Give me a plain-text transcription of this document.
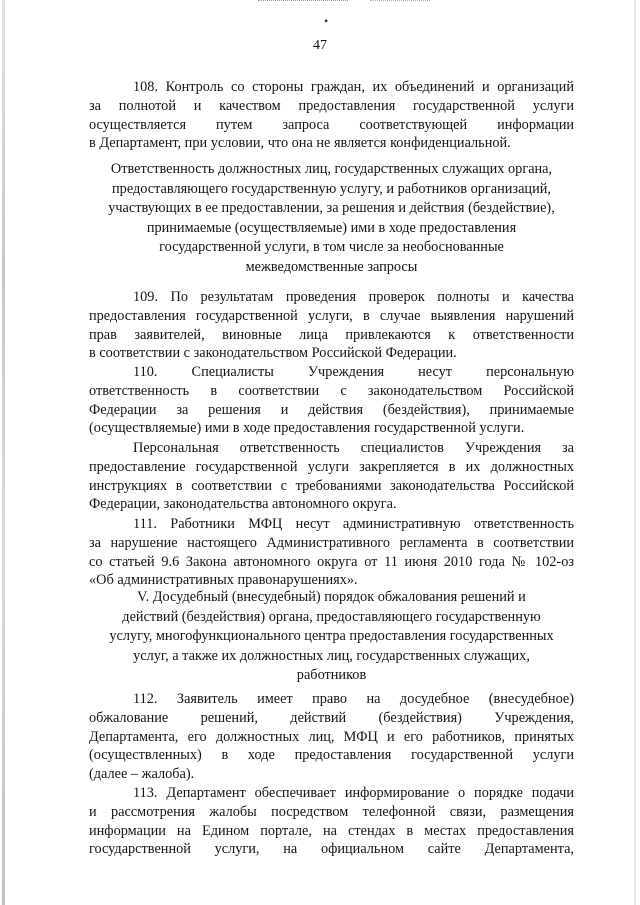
•
47
108. Контроль со стороны граждан, их объединений и организаций
за полнотой и качеством предоставления государственной услуги
осуществляется путем запроса соответствующей информации
в Департамент, при условии, что она не является конфиденциальной.
Ответственность должностных лиц, государственных служащих органа,
предоставляющего государственную услугу, и работников организаций,
участвующих в ее предоставлении, за решения и действия (бездействие),
принимаемые (осуществляемые) ими в ходе предоставления
государственной услуги, в том числе за необоснованные
межведомственные запросы
109. По результатам проведения проверок полноты и качества
предоставления государственной услуги, в случае выявления нарушений
прав заявителей, виновные лица привлекаются к ответственности
в соответствии с законодательством Российской Федерации.
110. Специалисты Учреждения несут персональную
ответственность в соответствии с законодательством Российской
Федерации за решения и действия (бездействия), принимаемые
(осуществляемые) ими в ходе предоставления государственной услуги.
Персональная ответственность специалистов Учреждения за
предоставление государственной услуги закрепляется в их должностных
инструкциях в соответствии с требованиями законодательства Российской
Федерации, законодательства автономного округа.
111. Работники МФЦ несут административную ответственность
за нарушение настоящего Административного регламента в соответствии
со статьей 9.6 Закона автономного округа от 11 июня 2010 года № 102-оз
«Об административных правонарушениях».
V. Досудебный (внесудебный) порядок обжалования решений и
действий (бездействия) органа, предоставляющего государственную
услугу, многофункционального центра предоставления государственных
услуг, а также их должностных лиц, государственных служащих,
работников
112. Заявитель имеет право на досудебное (внесудебное)
обжалование решений, действий (бездействия) Учреждения,
Департамента, его должностных лиц, МФЦ и его работников, принятых
(осуществленных) в ходе предоставления государственной услуги
(далее – жалоба).
113. Департамент обеспечивает информирование о порядке подачи
и рассмотрения жалобы посредством телефонной связи, размещения
информации на Едином портале, на стендах в местах предоставления
государственной услуги, на официальном сайте Департамента,
